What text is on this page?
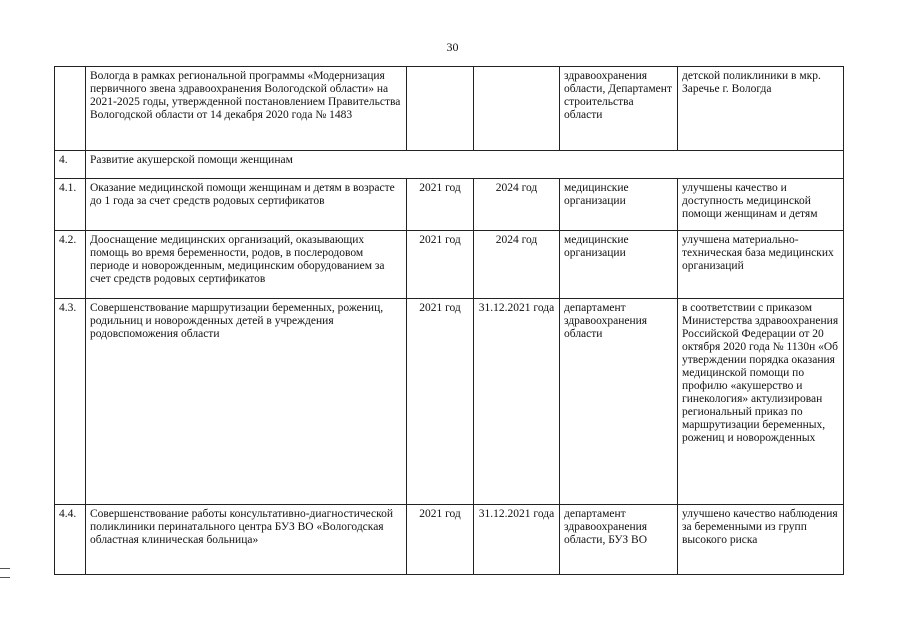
30
	Вологда в рамках региональной программы «Модернизация первичного звена здравоохранения Вологодской области» на 2021-2025 годы, утвержденной постановлением Правительства Вологодской области от 14 декабря 2020 года № 1483			здравоохранения области, Департамент строительства области	детской поликлиники в мкр. Заречье г. Вологда
4.	Развитие акушерской помощи женщинам				
4.1.	Оказание медицинской помощи женщинам и детям в возрасте до 1 года за счет средств родовых сертификатов	2021 год	2024 год	медицинские организации	улучшены качество и доступность медицинской помощи женщинам и детям
4.2.	Дооснащение медицинских организаций, оказывающих помощь во время беременности, родов, в послеродовом периоде и новорожденным, медицинским оборудованием за счет средств родовых сертификатов	2021 год	2024 год	медицинские организации	улучшена материально-техническая база медицинских организаций
4.3.	Совершенствование маршрутизации беременных, рожениц, родильниц и новорожденных детей в учреждения родовспоможения области	2021 год	31.12.2021 года	департамент здравоохранения области	в соответствии с приказом Министерства здравоохранения Российской Федерации от 20 октября 2020 года № 1130н «Об утверждении порядка оказания медицинской помощи по профилю «акушерство и гинекология» актулизирован региональный приказ по маршрутизации беременных, рожениц и новорожденных
4.4.	Совершенствование работы консультативно-диагностической поликлиники перинатального центра БУЗ ВО «Вологодская областная клиническая больница»	2021 год	31.12.2021 года	департамент здравоохранения области, БУЗ ВО	улучшено качество наблюдения за беременными из групп высокого риска
